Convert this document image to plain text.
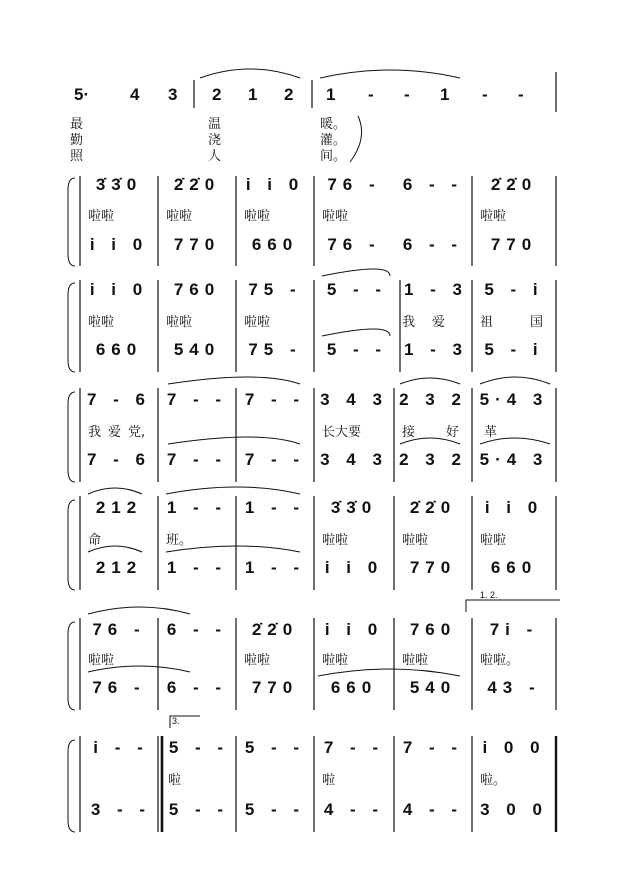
5· 4 3 2 1 2 1 - - 1 - -
最
勤
照
温
浇
人
暖。
灌。
间。
3̇3̇0 2̇2̇0 i i 0 76 - 6 - - 2̇2̇0
i i 0 770 660 76 - 6 - - 770
i i 0 760 75 - 5 - - 1 - 3 5 - i
660 540 75 - 5 - - 1 - 3 5 - i
7 - 6 7 - - 7 - - 3 4 3 2 3 2 5·4 3
7 - 6 7 - - 7 - - 3 4 3 2 3 2 5·4 3
212 1 - - 1 - - 3̇3̇0 2̇2̇0 i i 0
212 1 - - 1 - - i i 0 770 660
76 - 6 - - 2̇2̇0 i i 0 760 7i -
76 - 6 - - 770 660 540 43 -
i - - 5 - - 5 - - 7 - - 7 - - i 0 0
3 - - 5 - - 5 - - 4 - - 4 - - 3 0 0
1. 2.
3.
啦啦	啦啦	啦啦	啦啦	啦啦
啦啦	啦啦	啦啦	我 爱	祖	国
我 爱 党,	长大要	接 好 革
命	班。	啦啦	啦啦	啦啦
啦啦	啦啦	啦啦	啦啦	啦啦。
啦	啦	啦。
